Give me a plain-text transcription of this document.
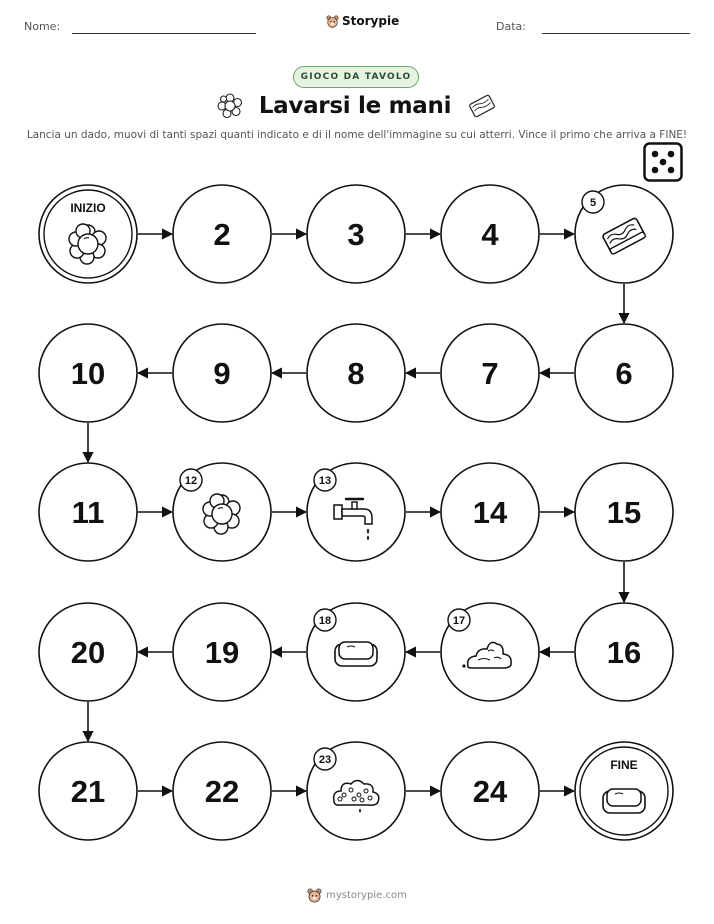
Nome:	Storypie	Data:
GIOCO DA TAVOLO
Lavarsi le mani
Lancia un dado, muovi di tanti spazi quanti indicato e di il nome dell'immagine su cui atterri. Vince il primo che arriva a FINE!
INIZIO
2	3	4
5
6
7
8
9
10
11
12	13
14	15
16
17
18
19
20
21	22
23
24
FINE
mystorypie.com
